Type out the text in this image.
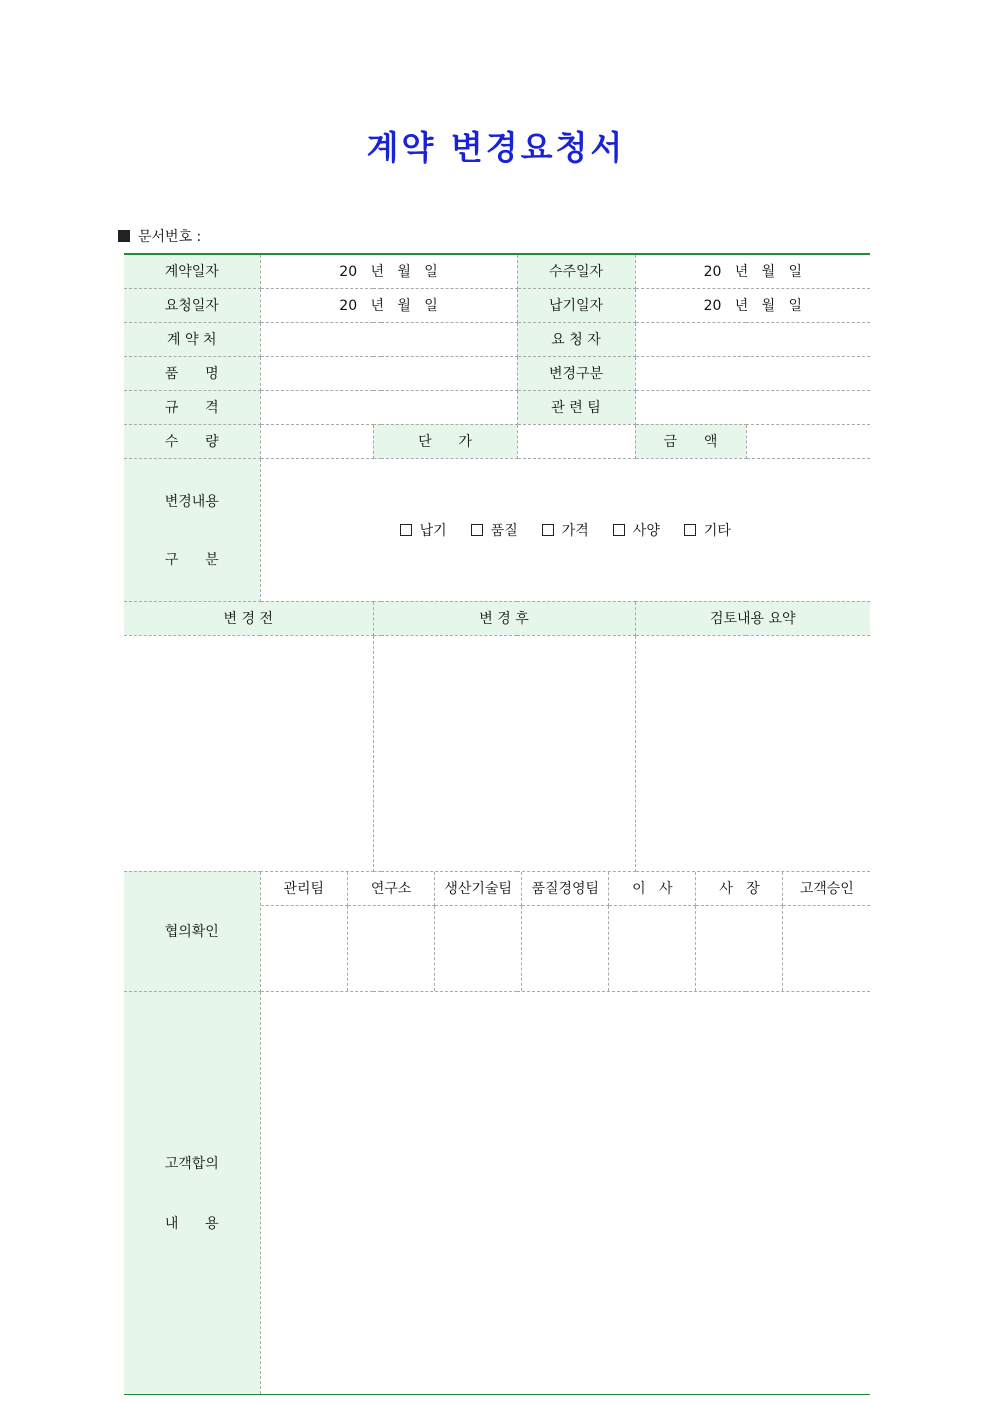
계약 변경요청서
문서번호 :
계약일자	20   년   월   일	수주일자	20   년   월   일
요청일자	20   년   월   일	납기일자	20   년   월   일
계 약 처		요 청 자	
품      명		변경구분	
규      격		관 련 팀	
수      량		단      가		금      액	

변경내용

구      분

납기	품질	가격	사양	기타

변 경 전	변 경 후	검토내용 요약

협의확인	
관리팀	연구소	생산기술팀	품질경영팀	이   사	사   장	고객승인

고객합의

내      용
